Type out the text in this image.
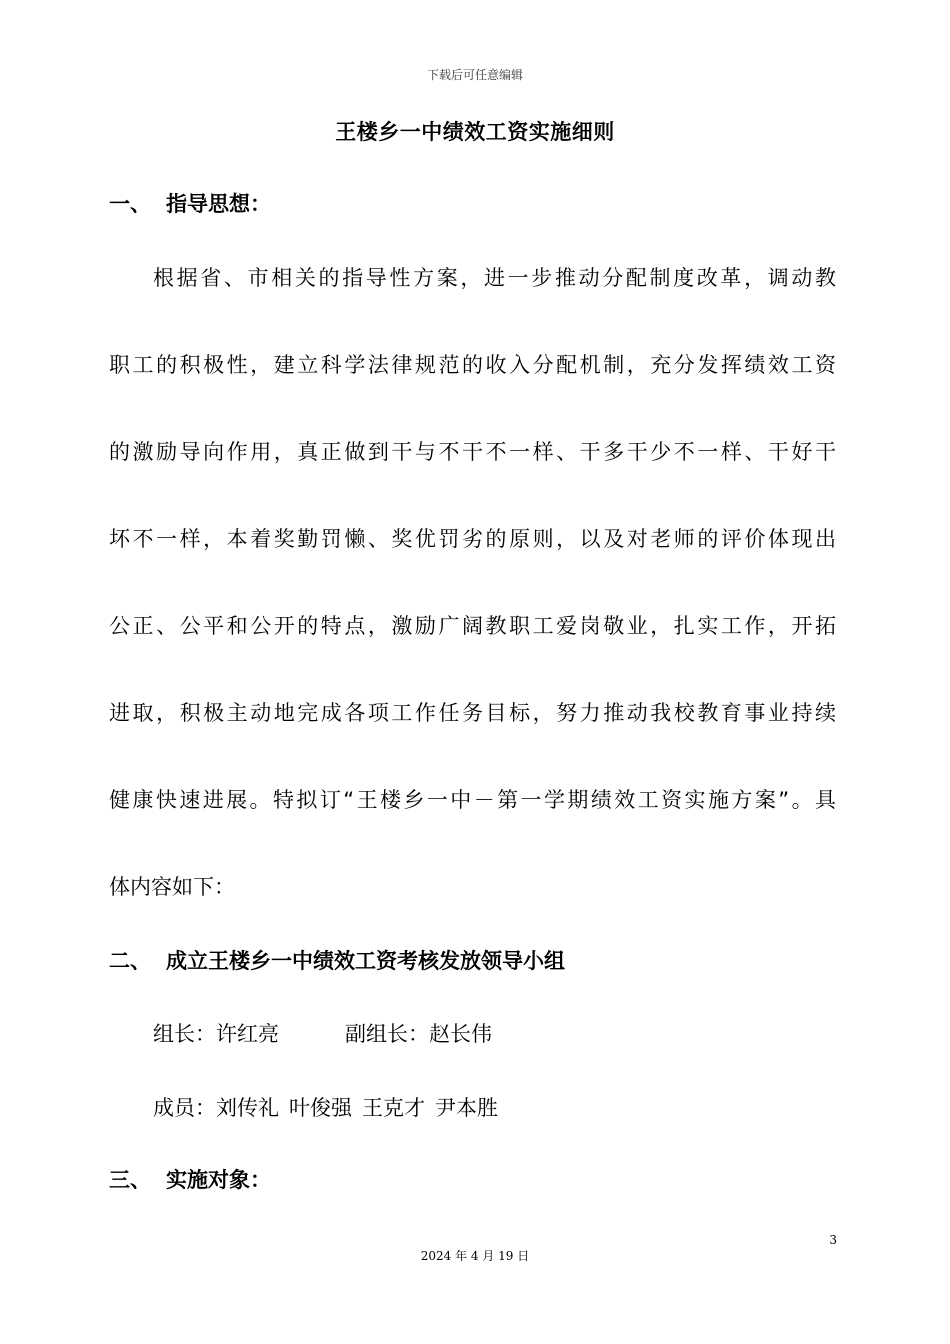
下载后可任意编辑
王楼乡一中绩效工资实施细则
一、 指导思想：
根据省、市相关的指导性方案，进一步推动分配制度改革，调动教
职工的积极性，建立科学法律规范的收入分配机制，充分发挥绩效工资
的激励导向作用，真正做到干与不干不一样、干多干少不一样、干好干
坏不一样，本着奖勤罚懒、奖优罚劣的原则，以及对老师的评价体现出
公正、公平和公开的特点，激励广阔教职工爱岗敬业，扎实工作，开拓
进取，积极主动地完成各项工作任务目标，努力推动我校教育事业持续
健康快速进展。特拟订“王楼乡一中－第一学期绩效工资实施方案”。具
体内容如下：
二、 成立王楼乡一中绩效工资考核发放领导小组
组长：许红亮	副组长：赵长伟
成员：刘传礼 叶俊强 王克才 尹本胜
三、 实施对象：
3
2024 年 4 月 19 日
